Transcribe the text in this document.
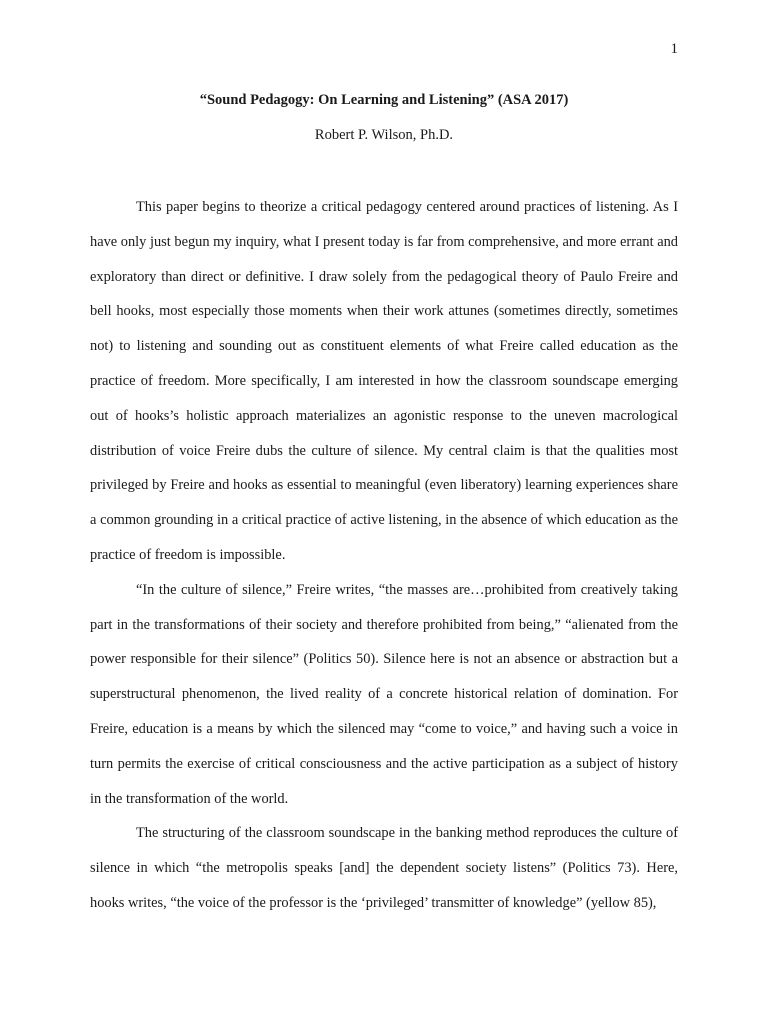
1
“Sound Pedagogy: On Learning and Listening” (ASA 2017)
Robert P. Wilson, Ph.D.

This paper begins to theorize a critical pedagogy centered around practices of listening. As I have only just begun my inquiry, what I present today is far from comprehensive, and more errant and exploratory than direct or definitive. I draw solely from the pedagogical theory of Paulo Freire and bell hooks, most especially those moments when their work attunes (sometimes directly, sometimes not) to listening and sounding out as constituent elements of what Freire called education as the practice of freedom. More specifically, I am interested in how the classroom soundscape emerging out of hooks’s holistic approach materializes an agonistic response to the uneven macrological distribution of voice Freire dubs the culture of silence. My central claim is that the qualities most privileged by Freire and hooks as essential to meaningful (even liberatory) learning experiences share a common grounding in a critical practice of active listening, in the absence of which education as the practice of freedom is impossible.

“In the culture of silence,” Freire writes, “the masses are…prohibited from creatively taking part in the transformations of their society and therefore prohibited from being,” “alienated from the power responsible for their silence” (Politics 50). Silence here is not an absence or abstraction but a superstructural phenomenon, the lived reality of a concrete historical relation of domination. For Freire, education is a means by which the silenced may “come to voice,” and having such a voice in turn permits the exercise of critical consciousness and the active participation as a subject of history in the transformation of the world.

The structuring of the classroom soundscape in the banking method reproduces the culture of silence in which “the metropolis speaks [and] the dependent society listens” (Politics 73). Here, hooks writes, “the voice of the professor is the ‘privileged’ transmitter of knowledge” (yellow 85),
